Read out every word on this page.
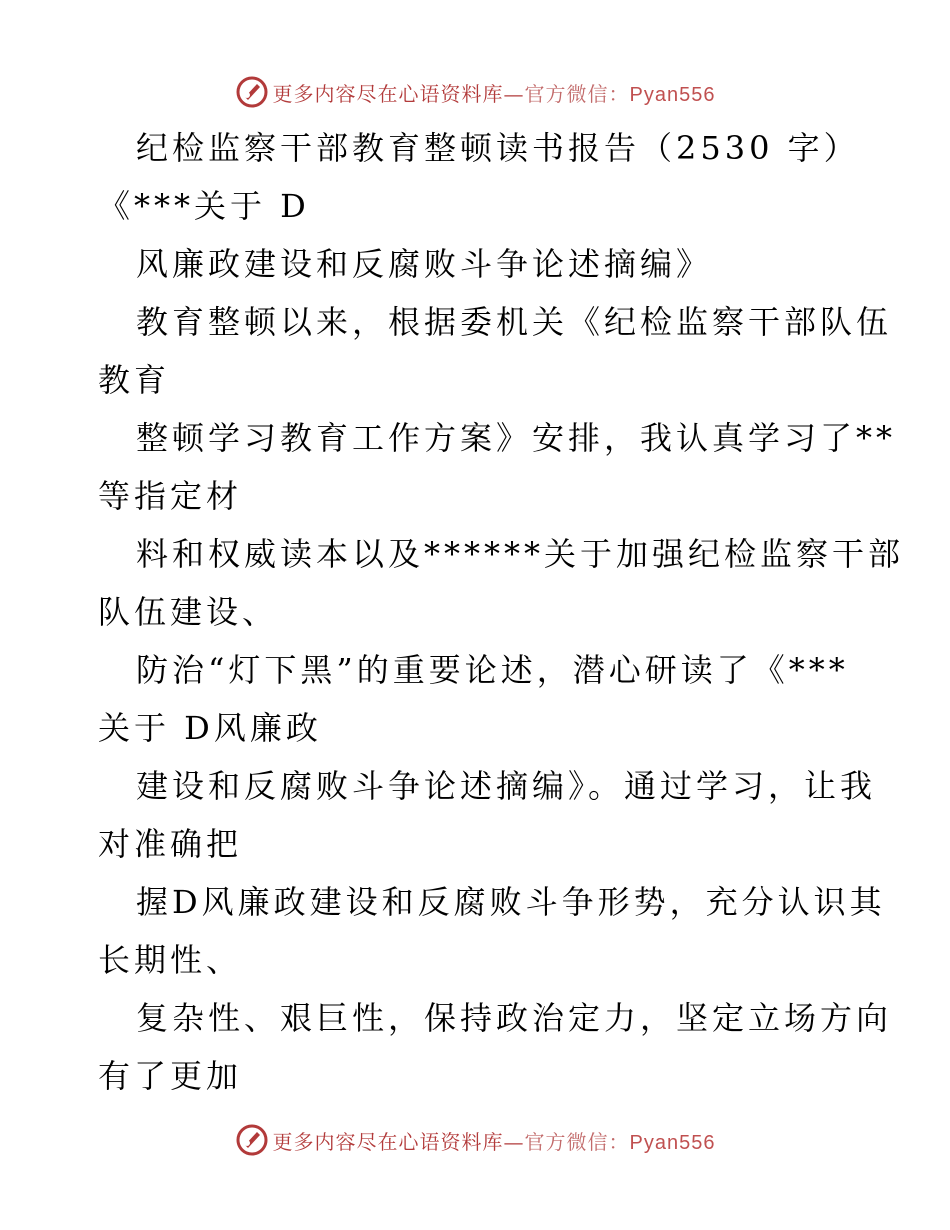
更多内容尽在心语资料库—官方微信：Pyan556
纪检监察干部教育整顿读书报告（2530 字）
《***关于 D
风廉政建设和反腐败斗争论述摘编》
教育整顿以来，根据委机关《纪检监察干部队伍
教育
整顿学习教育工作方案》安排，我认真学习了**
等指定材
料和权威读本以及******关于加强纪检监察干部
队伍建设、
防治“灯下黑”的重要论述，潜心研读了《***
关于 D风廉政
建设和反腐败斗争论述摘编》。通过学习，让我
对准确把
握D风廉政建设和反腐败斗争形势，充分认识其
长期性、
复杂性、艰巨性，保持政治定力，坚定立场方向
有了更加
更多内容尽在心语资料库—官方微信：Pyan556
